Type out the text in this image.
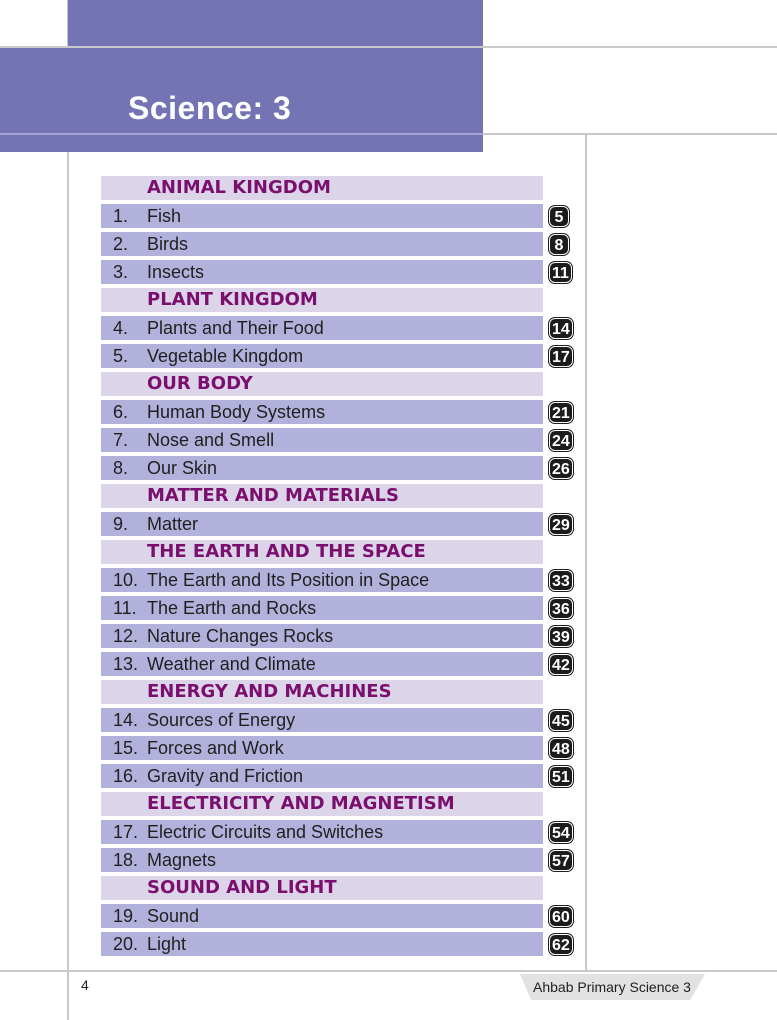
Science: 3
ANIMAL KINGDOM
1. Fish	5
2. Birds	8
3. Insects	11
PLANT KINGDOM
4. Plants and Their Food	14
5. Vegetable Kingdom	17
OUR BODY
6. Human Body Systems	21
7. Nose and Smell	24
8. Our Skin	26
MATTER AND MATERIALS
9. Matter	29
THE EARTH AND THE SPACE
10. The Earth and Its Position in Space	33
11. The Earth and Rocks	36
12. Nature Changes Rocks	39
13. Weather and Climate	42
ENERGY AND MACHINES
14. Sources of Energy	45
15. Forces and Work	48
16. Gravity and Friction	51
ELECTRICITY AND MAGNETISM
17. Electric Circuits and Switches	54
18. Magnets	57
SOUND AND LIGHT
19. Sound	60
20. Light	62
4	Ahbab Primary Science 3
